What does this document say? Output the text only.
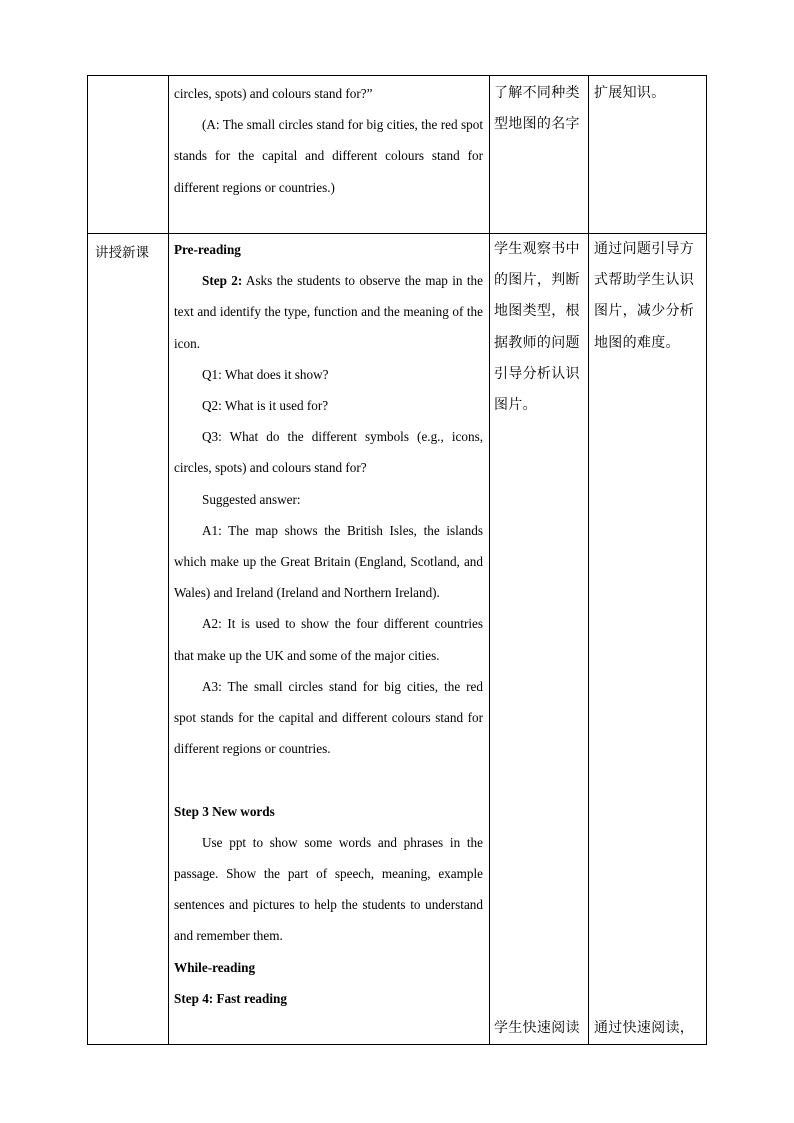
circles, spots) and colours stand for?”

(A: The small circles stand for big cities, the red spot stands for the capital and different colours stand for different regions or countries.)

了解不同种类型地图的名字

扩展知识。

讲授新课	Pre-reading

Step 2: Asks the students to observe the map in the text and identify the type, function and the meaning of the icon.

Q1: What does it show?

Q2: What is it used for?

Q3: What do the different symbols (e.g., icons, circles, spots) and colours stand for?

Suggested answer:

A1: The map shows the British Isles, the islands which make up the Great Britain (England, Scotland, and Wales) and Ireland (Ireland and Northern Ireland).

A2: It is used to show the four different countries that make up the UK and some of the major cities.

A3: The small circles stand for big cities, the red spot stands for the capital and different colours stand for different regions or countries.

Step 3 New words

Use ppt to show some words and phrases in the passage. Show the part of speech, meaning, example sentences and pictures to help the students to understand and remember them.

While-reading

Step 4: Fast reading

学生观察书中的图片，判断地图类型，根据教师的问题引导分析认识图片。

通过问题引导方式帮助学生认识图片，减少分析地图的难度。

学生快速阅读	通过快速阅读，
